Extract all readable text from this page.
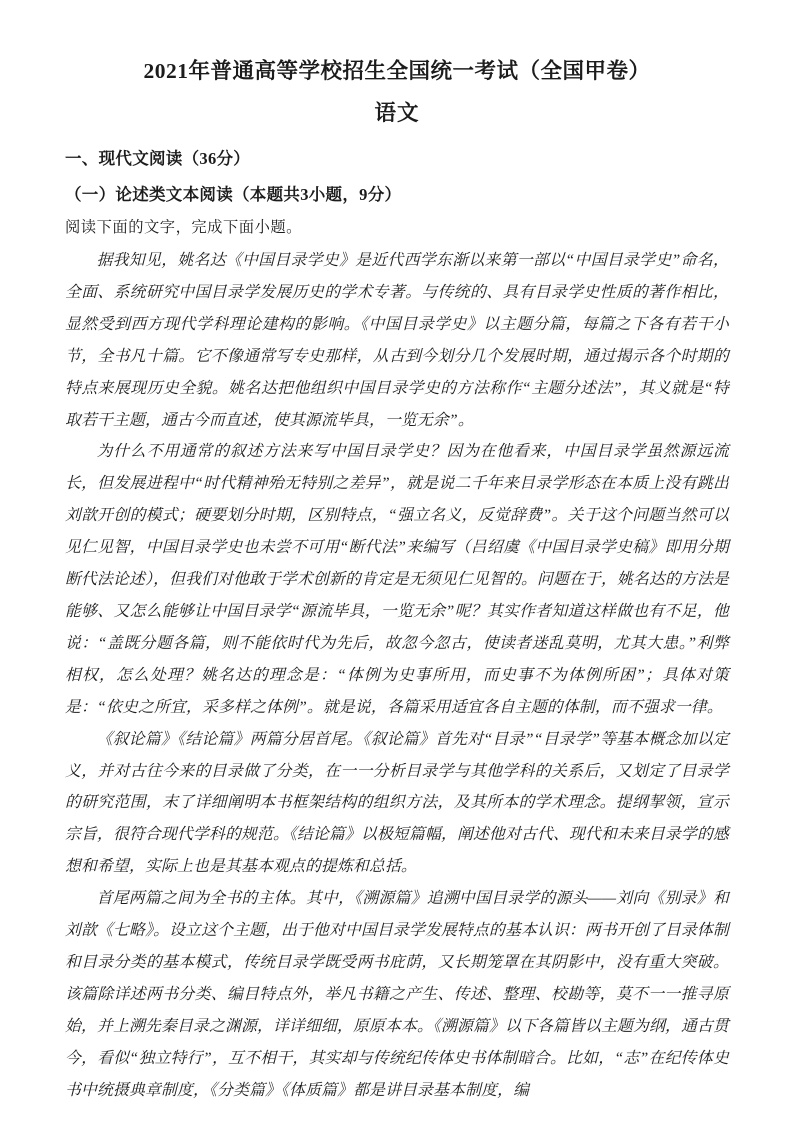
2021年普通高等学校招生全国统一考试（全国甲卷）
语文
一、现代文阅读（36分）
（一）论述类文本阅读（本题共3小题，9分）

阅读下面的文字，完成下面小题。

据我知见，姚名达《中国目录学史》是近代西学东渐以来第一部以“中国目录学史”命名，全面、系统研究中国目录学发展历史的学术专著。与传统的、具有目录学史性质的著作相比，显然受到西方现代学科理论建构的影响。《中国目录学史》以主题分篇，每篇之下各有若干小节，全书凡十篇。它不像通常写专史那样，从古到今划分几个发展时期，通过揭示各个时期的特点来展现历史全貌。姚名达把他组织中国目录学史的方法称作“主题分述法”，其义就是“特取若干主题，通古今而直述，使其源流毕具，一览无余”。

为什么不用通常的叙述方法来写中国目录学史？因为在他看来，中国目录学虽然源远流长，但发展进程中“时代精神殆无特别之差异”，就是说二千年来目录学形态在本质上没有跳出刘歆开创的模式；硬要划分时期，区别特点，“强立名义，反觉辞费”。关于这个问题当然可以见仁见智，中国目录学史也未尝不可用“断代法”来编写（吕绍虞《中国目录学史稿》即用分期断代法论述），但我们对他敢于学术创新的肯定是无须见仁见智的。问题在于，姚名达的方法是能够、又怎么能够让中国目录学“源流毕具，一览无余”呢？其实作者知道这样做也有不足，他说：“盖既分题各篇，则不能依时代为先后，故忽今忽古，使读者迷乱莫明，尤其大患。”利弊相权，怎么处理？姚名达的理念是：“体例为史事所用，而史事不为体例所困”；具体对策是：“依史之所宜，采多样之体例”。就是说，各篇采用适宜各自主题的体制，而不强求一律。

《叙论篇》《结论篇》两篇分居首尾。《叙论篇》首先对“目录”“目录学”等基本概念加以定义，并对古往今来的目录做了分类，在一一分析目录学与其他学科的关系后，又划定了目录学的研究范围，末了详细阐明本书框架结构的组织方法，及其所本的学术理念。提纲挈领，宣示宗旨，很符合现代学科的规范。《结论篇》以极短篇幅，阐述他对古代、现代和未来目录学的感想和希望，实际上也是其基本观点的提炼和总括。

首尾两篇之间为全书的主体。其中，《溯源篇》追溯中国目录学的源头——刘向《别录》和刘歆《七略》。设立这个主题，出于他对中国目录学发展特点的基本认识：两书开创了目录体制和目录分类的基本模式，传统目录学既受两书庇荫，又长期笼罩在其阴影中，没有重大突破。该篇除详述两书分类、编目特点外，举凡书籍之产生、传述、整理、校勘等，莫不一一推寻原始，并上溯先秦目录之渊源，详详细细，原原本本。《溯源篇》以下各篇皆以主题为纲，通古贯今，看似“独立特行”，互不相干，其实却与传统纪传体史书体制暗合。比如，“志”在纪传体史书中统摄典章制度，《分类篇》《体质篇》都是讲目录基本制度，编
